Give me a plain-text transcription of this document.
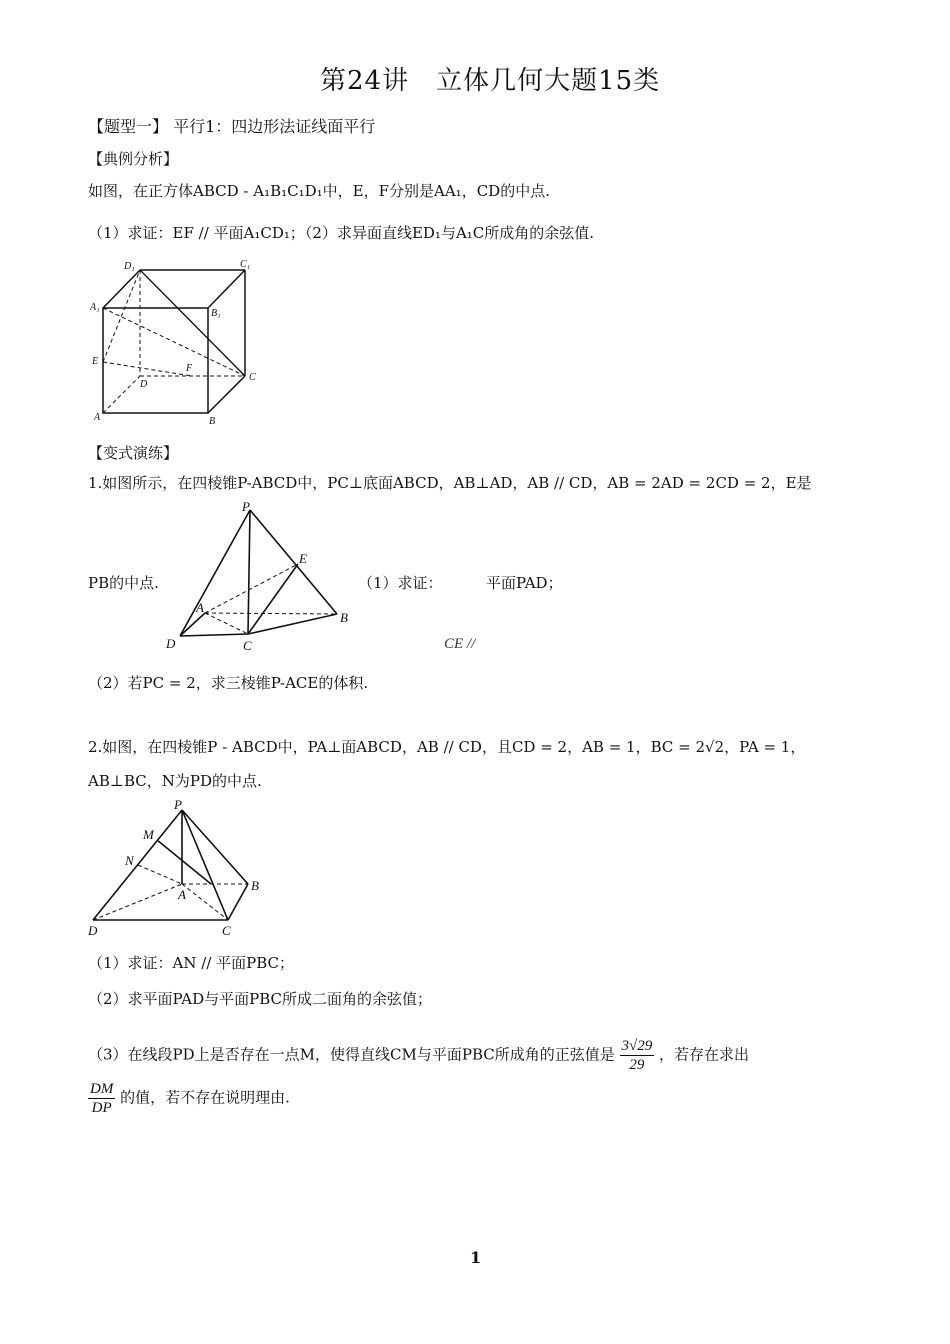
第24讲　立体几何大题15类
【题型一】 平行1：四边形法证线面平行
【典例分析】
如图，在正方体ABCD - A₁B₁C₁D₁中，E，F分别是AA₁，CD的中点.
（1）求证：EF // 平面A₁CD₁；（2）求异面直线ED₁与A₁C所成角的余弦值.
D₁	C₁
A₁
B₁
E
D
F
C
A	B
【变式演练】
1.如图所示，在四棱锥P-ABCD中，PC⊥底面ABCD，AB⊥AD，AB // CD，AB = 2AD = 2CD = 2，E是
P
E
A
B
D	C
PB的中点.	（1）求证：	平面PAD；
CE //
（2）若PC = 2，求三棱锥P-ACE的体积.
2.如图，在四棱锥P - ABCD中，PA⊥面ABCD，AB // CD，且CD = 2，AB = 1，BC = 2√2，PA = 1，
AB⊥BC，N为PD的中点.
P
M
N
A
B
D	C
（1）求证：AN // 平面PBC；
（2）求平面PAD与平面PBC所成二面角的余弦值；
（3）在线段PD上是否存在一点M，使得直线CM与平面PBC所成角的正弦值是 $\frac{3√29}{29}$ ，若存在求出
$\frac{DM}{DP}$ 的值，若不存在说明理由.
1
